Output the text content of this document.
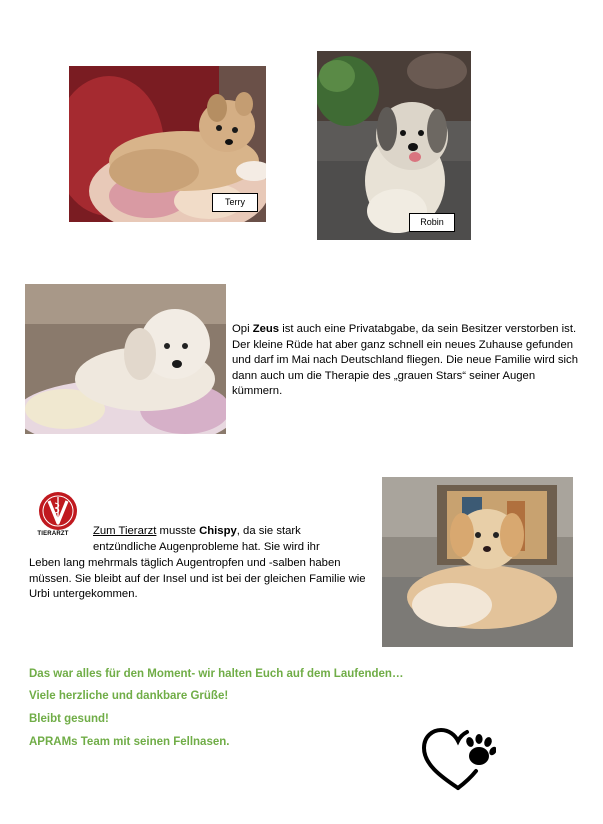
Terry
Robin

Opi Zeus ist auch eine Privatabgabe, da sein Besitzer verstorben ist. Der kleine Rüde hat aber ganz schnell ein neues Zuhause gefunden und darf im Mai nach Deutschland fliegen. Die neue Familie wird sich dann auch um die Therapie des „grauen Stars“ seiner Augen kümmern.

TIERARZT	Zum Tierarzt musste Chispy, da sie stark

entzündliche Augenprobleme hat. Sie wird ihr

Leben lang mehrmals täglich Augentropfen und -salben haben müssen. Sie bleibt auf der Insel und ist bei der gleichen Familie wie Urbi untergekommen.

Das war alles für den Moment- wir halten Euch auf dem Laufenden…

Viele herzliche und dankbare Grüße!

Bleibt gesund!

APRAMs Team mit seinen Fellnasen.
